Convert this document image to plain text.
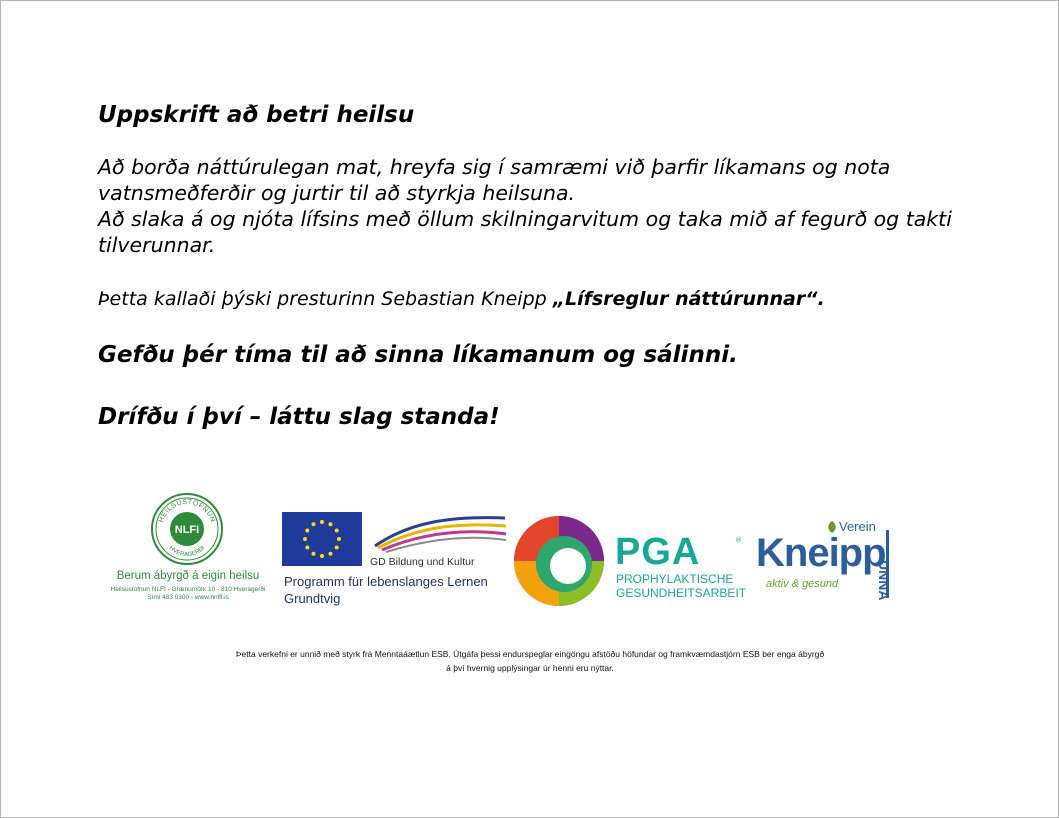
Uppskrift að betri heilsu

Að borða náttúrulegan mat, hreyfa sig í samræmi við þarfir líkamans og nota vatnsmeðferðir og jurtir til að styrkja heilsuna.

Að slaka á og njóta lífsins með öllum skilningarvitum og taka mið af fegurð og takti tilverunnar.

Þetta kallaði þýski presturinn Sebastian Kneipp „Lífsreglur náttúrunnar“.

Gefðu þér tíma til að sinna líkamanum og sálinni.

Drífðu í því – láttu slag standa!

HEILSUSTOFNUN
HVERAGERÐI
NLFI
Berum ábyrgð á eigin heilsu
Heilsustofnun NLFÍ - Grænumörk 10 - 810 Hveragerði
Sími 483 0300 - www.hnlfi.is
GD Bildung und Kultur
Programm für lebenslanges Lernen
Grundtvig
PGA	®
PROPHYLAKTISCHE
GESUNDHEITSARBEIT
Verein
Kneipp
aktiv & gesund	UNNA
Þetta verkefni er unnið með styrk frá Menntaáætlun ESB. Útgáfa þessi endurspeglar eingöngu afstöðu höfundar og framkvæmdastjórn ESB ber enga ábyrgð
á því hvernig upplýsingar úr henni eru nýttar.
